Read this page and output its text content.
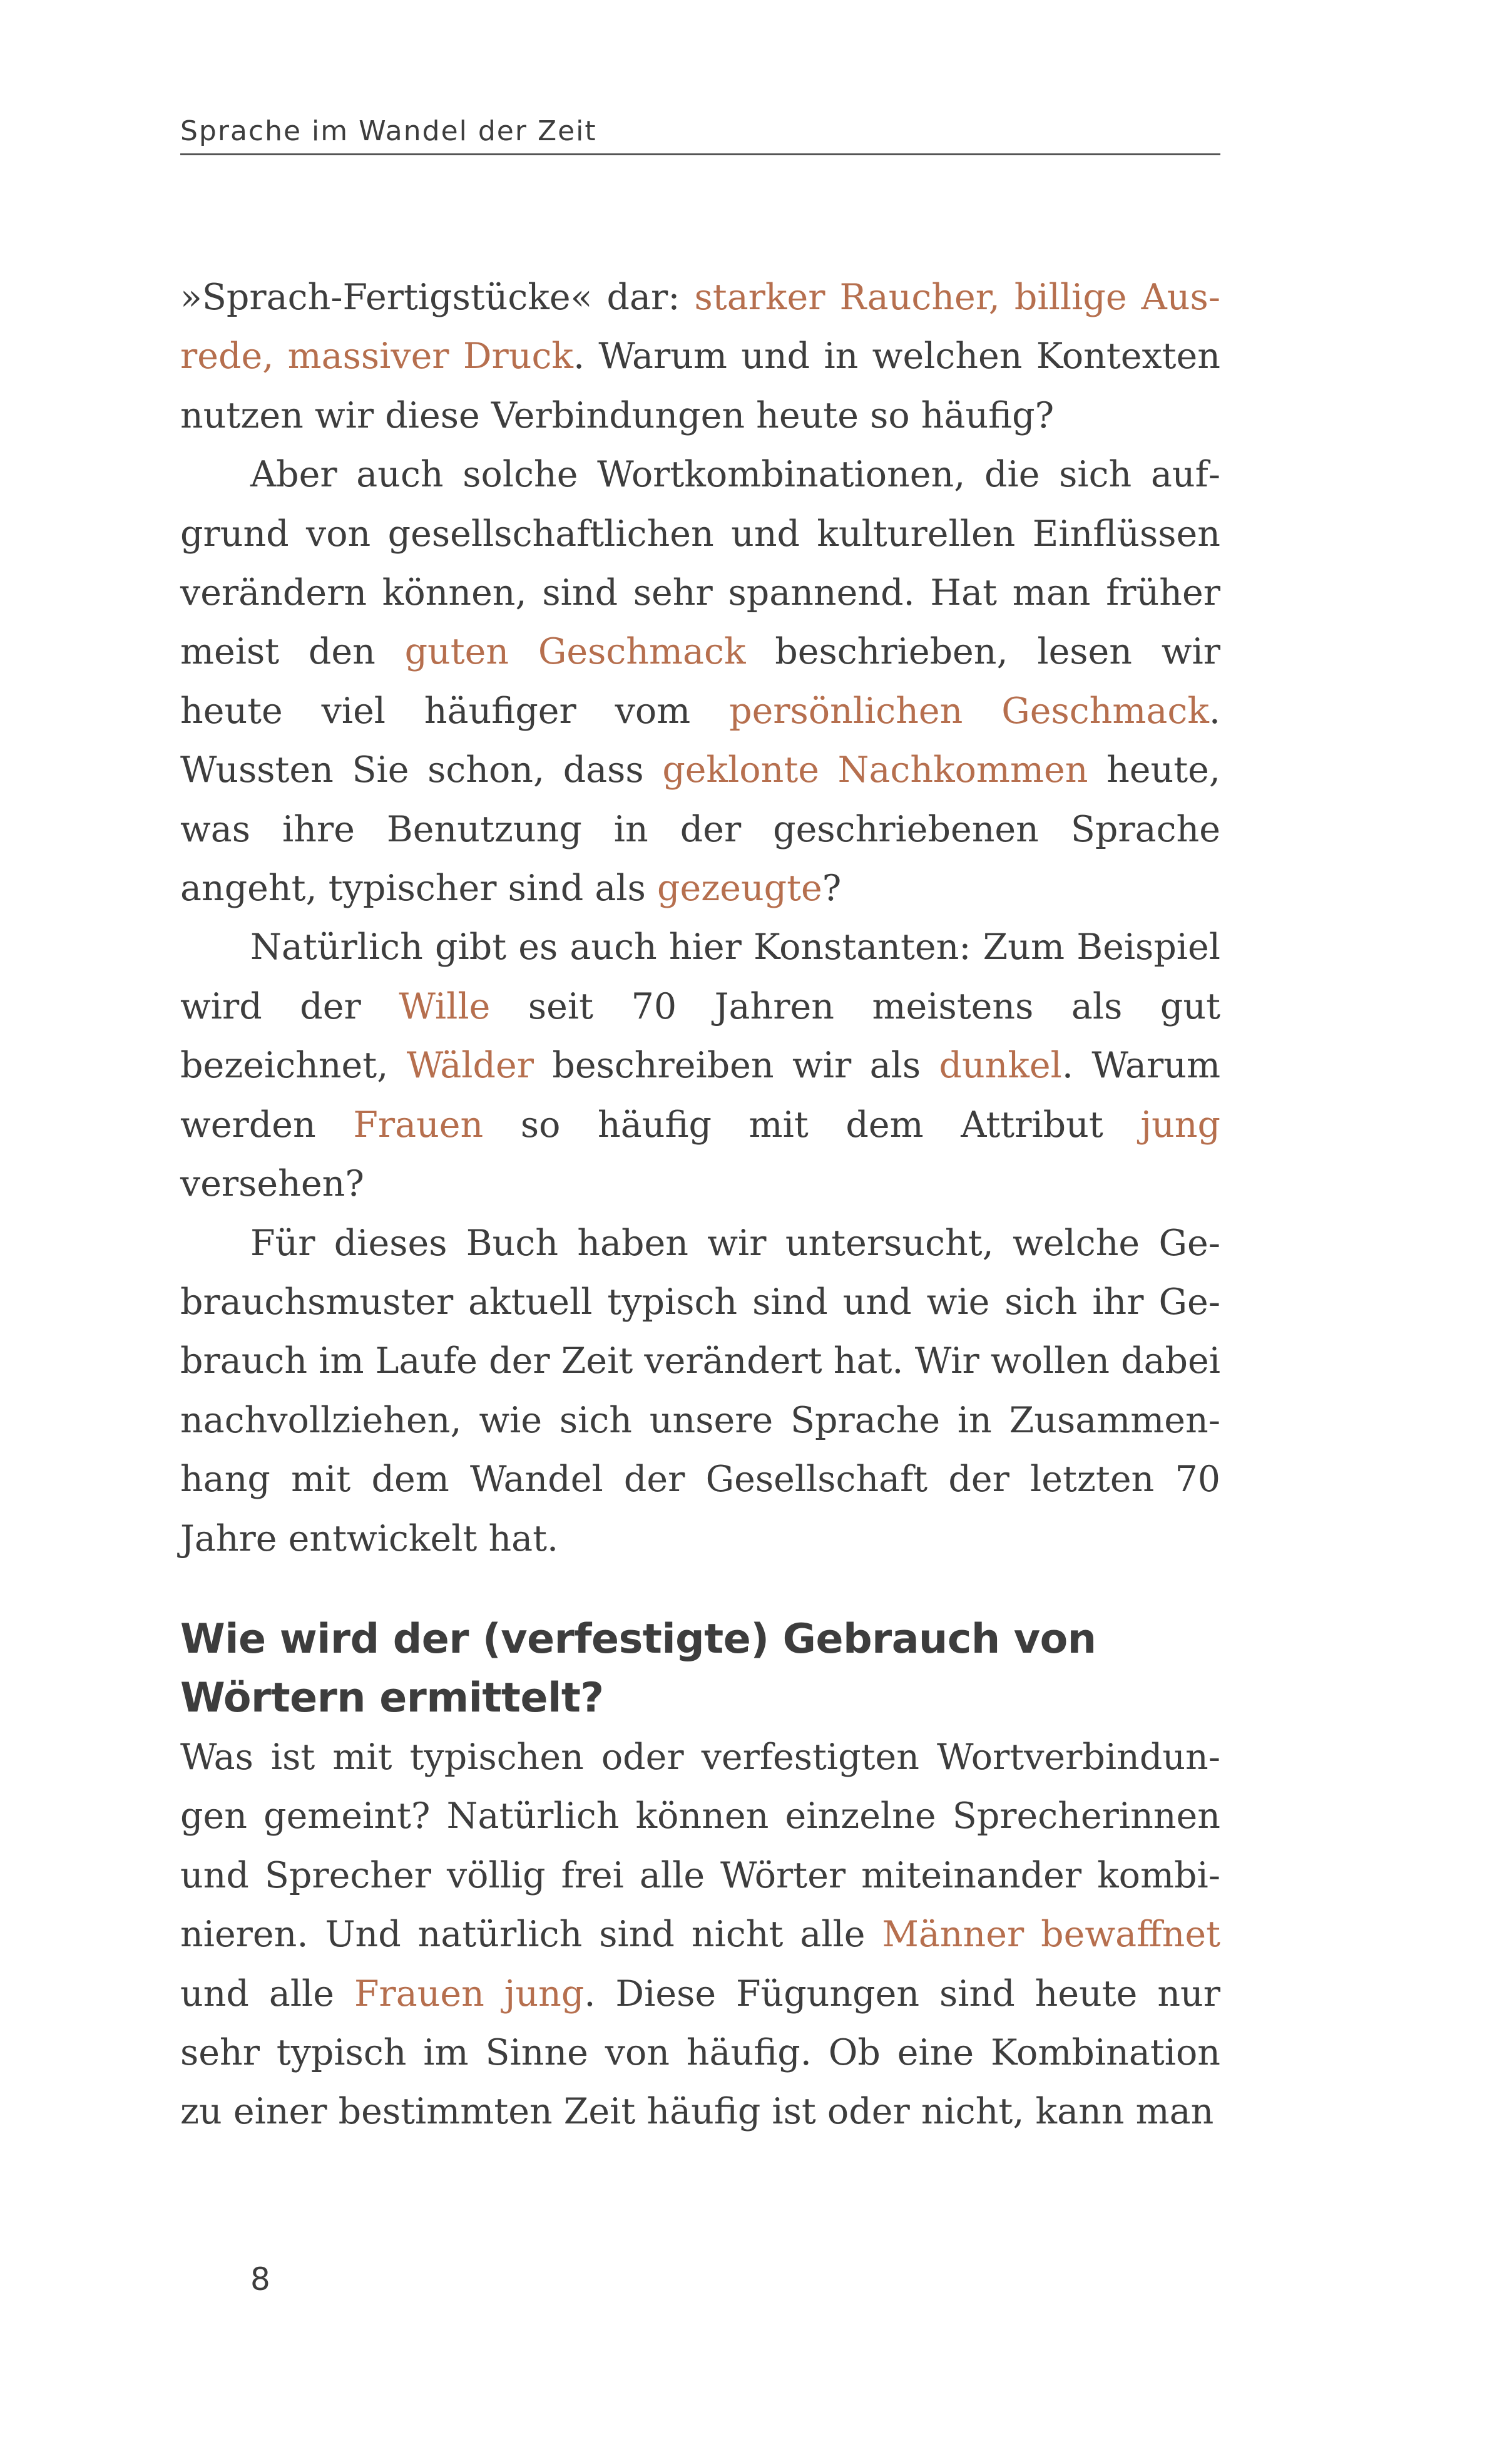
Sprache im Wandel der Zeit

»Sprach-Fertigstücke« dar: starker Raucher, billige Ausrede, massiver Druck. Warum und in welchen Kontexten nutzen wir diese Verbindungen heute so häufig?

Aber auch solche Wortkombinationen, die sich aufgrund von gesellschaftlichen und kulturellen Einflüssen verändern können, sind sehr spannend. Hat man früher meist den guten Geschmack beschrieben, lesen wir heute viel häufiger vom persönlichen Geschmack. Wussten Sie schon, dass geklonte Nachkommen heute, was ihre Benutzung in der geschriebenen Sprache angeht, typischer sind als gezeugte?

Natürlich gibt es auch hier Konstanten: Zum Beispiel wird der Wille seit 70 Jahren meistens als gut bezeichnet, Wälder beschreiben wir als dunkel. Warum werden Frauen so häufig mit dem Attribut jung versehen?

Für dieses Buch haben wir untersucht, welche Gebrauchsmuster aktuell typisch sind und wie sich ihr Gebrauch im Laufe der Zeit verändert hat. Wir wollen dabei nachvollziehen, wie sich unsere Sprache in Zusammenhang mit dem Wandel der Gesellschaft der letzten 70 Jahre entwickelt hat.

Wie wird der (verfestigte) Gebrauch von Wörtern ermittelt?

Was ist mit typischen oder verfestigten Wortverbindungen gemeint? Natürlich können einzelne Sprecherinnen und Sprecher völlig frei alle Wörter miteinander kombinieren. Und natürlich sind nicht alle Männer bewaffnet und alle Frauen jung. Diese Fügungen sind heute nur sehr typisch im Sinne von häufig. Ob eine Kombination zu einer bestimmten Zeit häufig ist oder nicht, kann man

8
